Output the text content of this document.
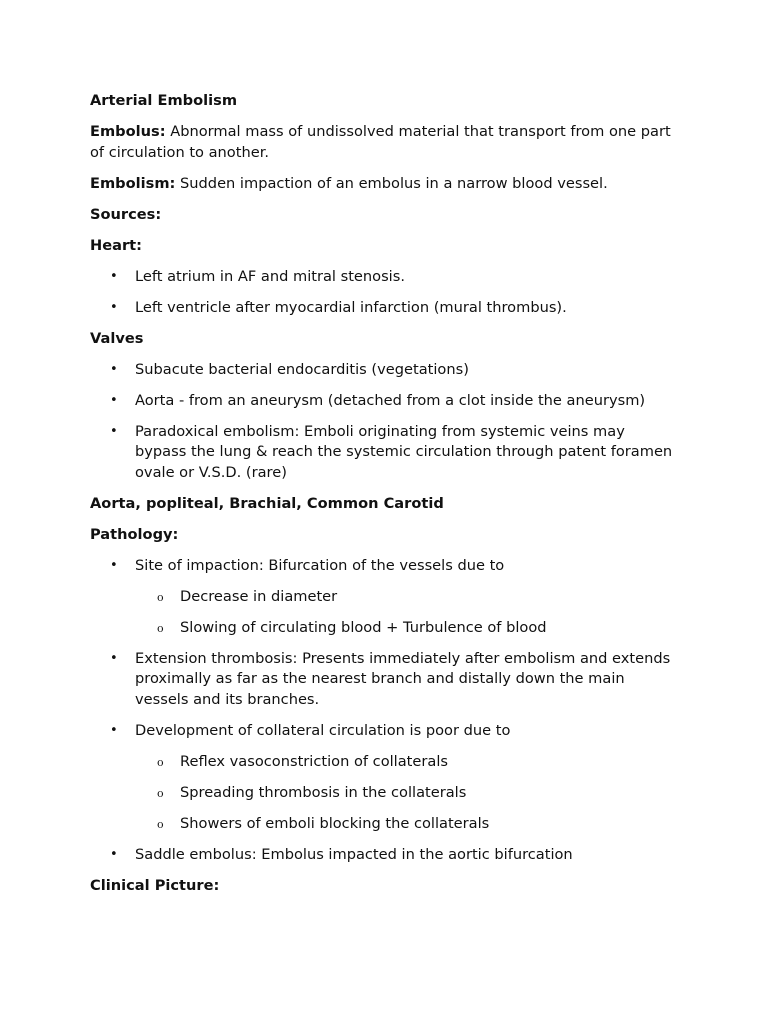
Arterial Embolism

Embolus: Abnormal mass of undissolved material that transport from one part of circulation to another.

Embolism: Sudden impaction of an embolus in a narrow blood vessel.

Sources:

Heart:

• Left atrium in AF and mitral stenosis.
• Left ventricle after myocardial infarction (mural thrombus).

Valves

• Subacute bacterial endocarditis (vegetations)
• Aorta - from an aneurysm (detached from a clot inside the aneurysm)
• Paradoxical embolism: Emboli originating from systemic veins may bypass the lung & reach the systemic circulation through patent foramen ovale or V.S.D. (rare)

Aorta, popliteal, Brachial, Common Carotid

Pathology:

• Site of impaction: Bifurcation of the vessels due to
o Decrease in diameter
o Slowing of circulating blood + Turbulence of blood
• Extension thrombosis: Presents immediately after embolism and extends proximally as far as the nearest branch and distally down the main vessels and its branches.
• Development of collateral circulation is poor due to
o Reflex vasoconstriction of collaterals
o Spreading thrombosis in the collaterals
o Showers of emboli blocking the collaterals
• Saddle embolus: Embolus impacted in the aortic bifurcation

Clinical Picture:
